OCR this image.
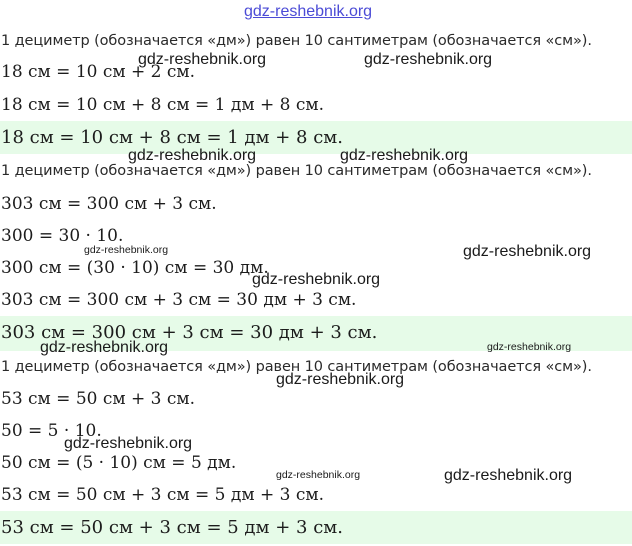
gdz-reshebnik.org
1 дециметр (обозначается «дм») равен 10 сантиметрам (обозначается «см»).
18 см = 10 см + 2 см.
18 см = 10 см + 8 см = 1 дм + 8 см.
18 см = 10 см + 8 см = 1 дм + 8 см.
1 дециметр (обозначается «дм») равен 10 сантиметрам (обозначается «см»).
303 см = 300 см + 3 см.
300 = 30 · 10.
300 см = (30 · 10) см = 30 дм.
303 см = 300 см + 3 см = 30 дм + 3 см.
303 см = 300 см + 3 см = 30 дм + 3 см.
1 дециметр (обозначается «дм») равен 10 сантиметрам (обозначается «см»).
53 см = 50 см + 3 см.
50 = 5 · 10.
50 см = (5 · 10) см = 5 дм.
53 см = 50 см + 3 см = 5 дм + 3 см.
53 см = 50 см + 3 см = 5 дм + 3 см.
gdz-reshebnik.org	gdz-reshebnik.org
gdz-reshebnik.org	gdz-reshebnik.org
gdz-reshebnik.org	gdz-reshebnik.org
gdz-reshebnik.org
gdz-reshebnik.org	gdz-reshebnik.org
gdz-reshebnik.org
gdz-reshebnik.org
gdz-reshebnik.org	gdz-reshebnik.org
